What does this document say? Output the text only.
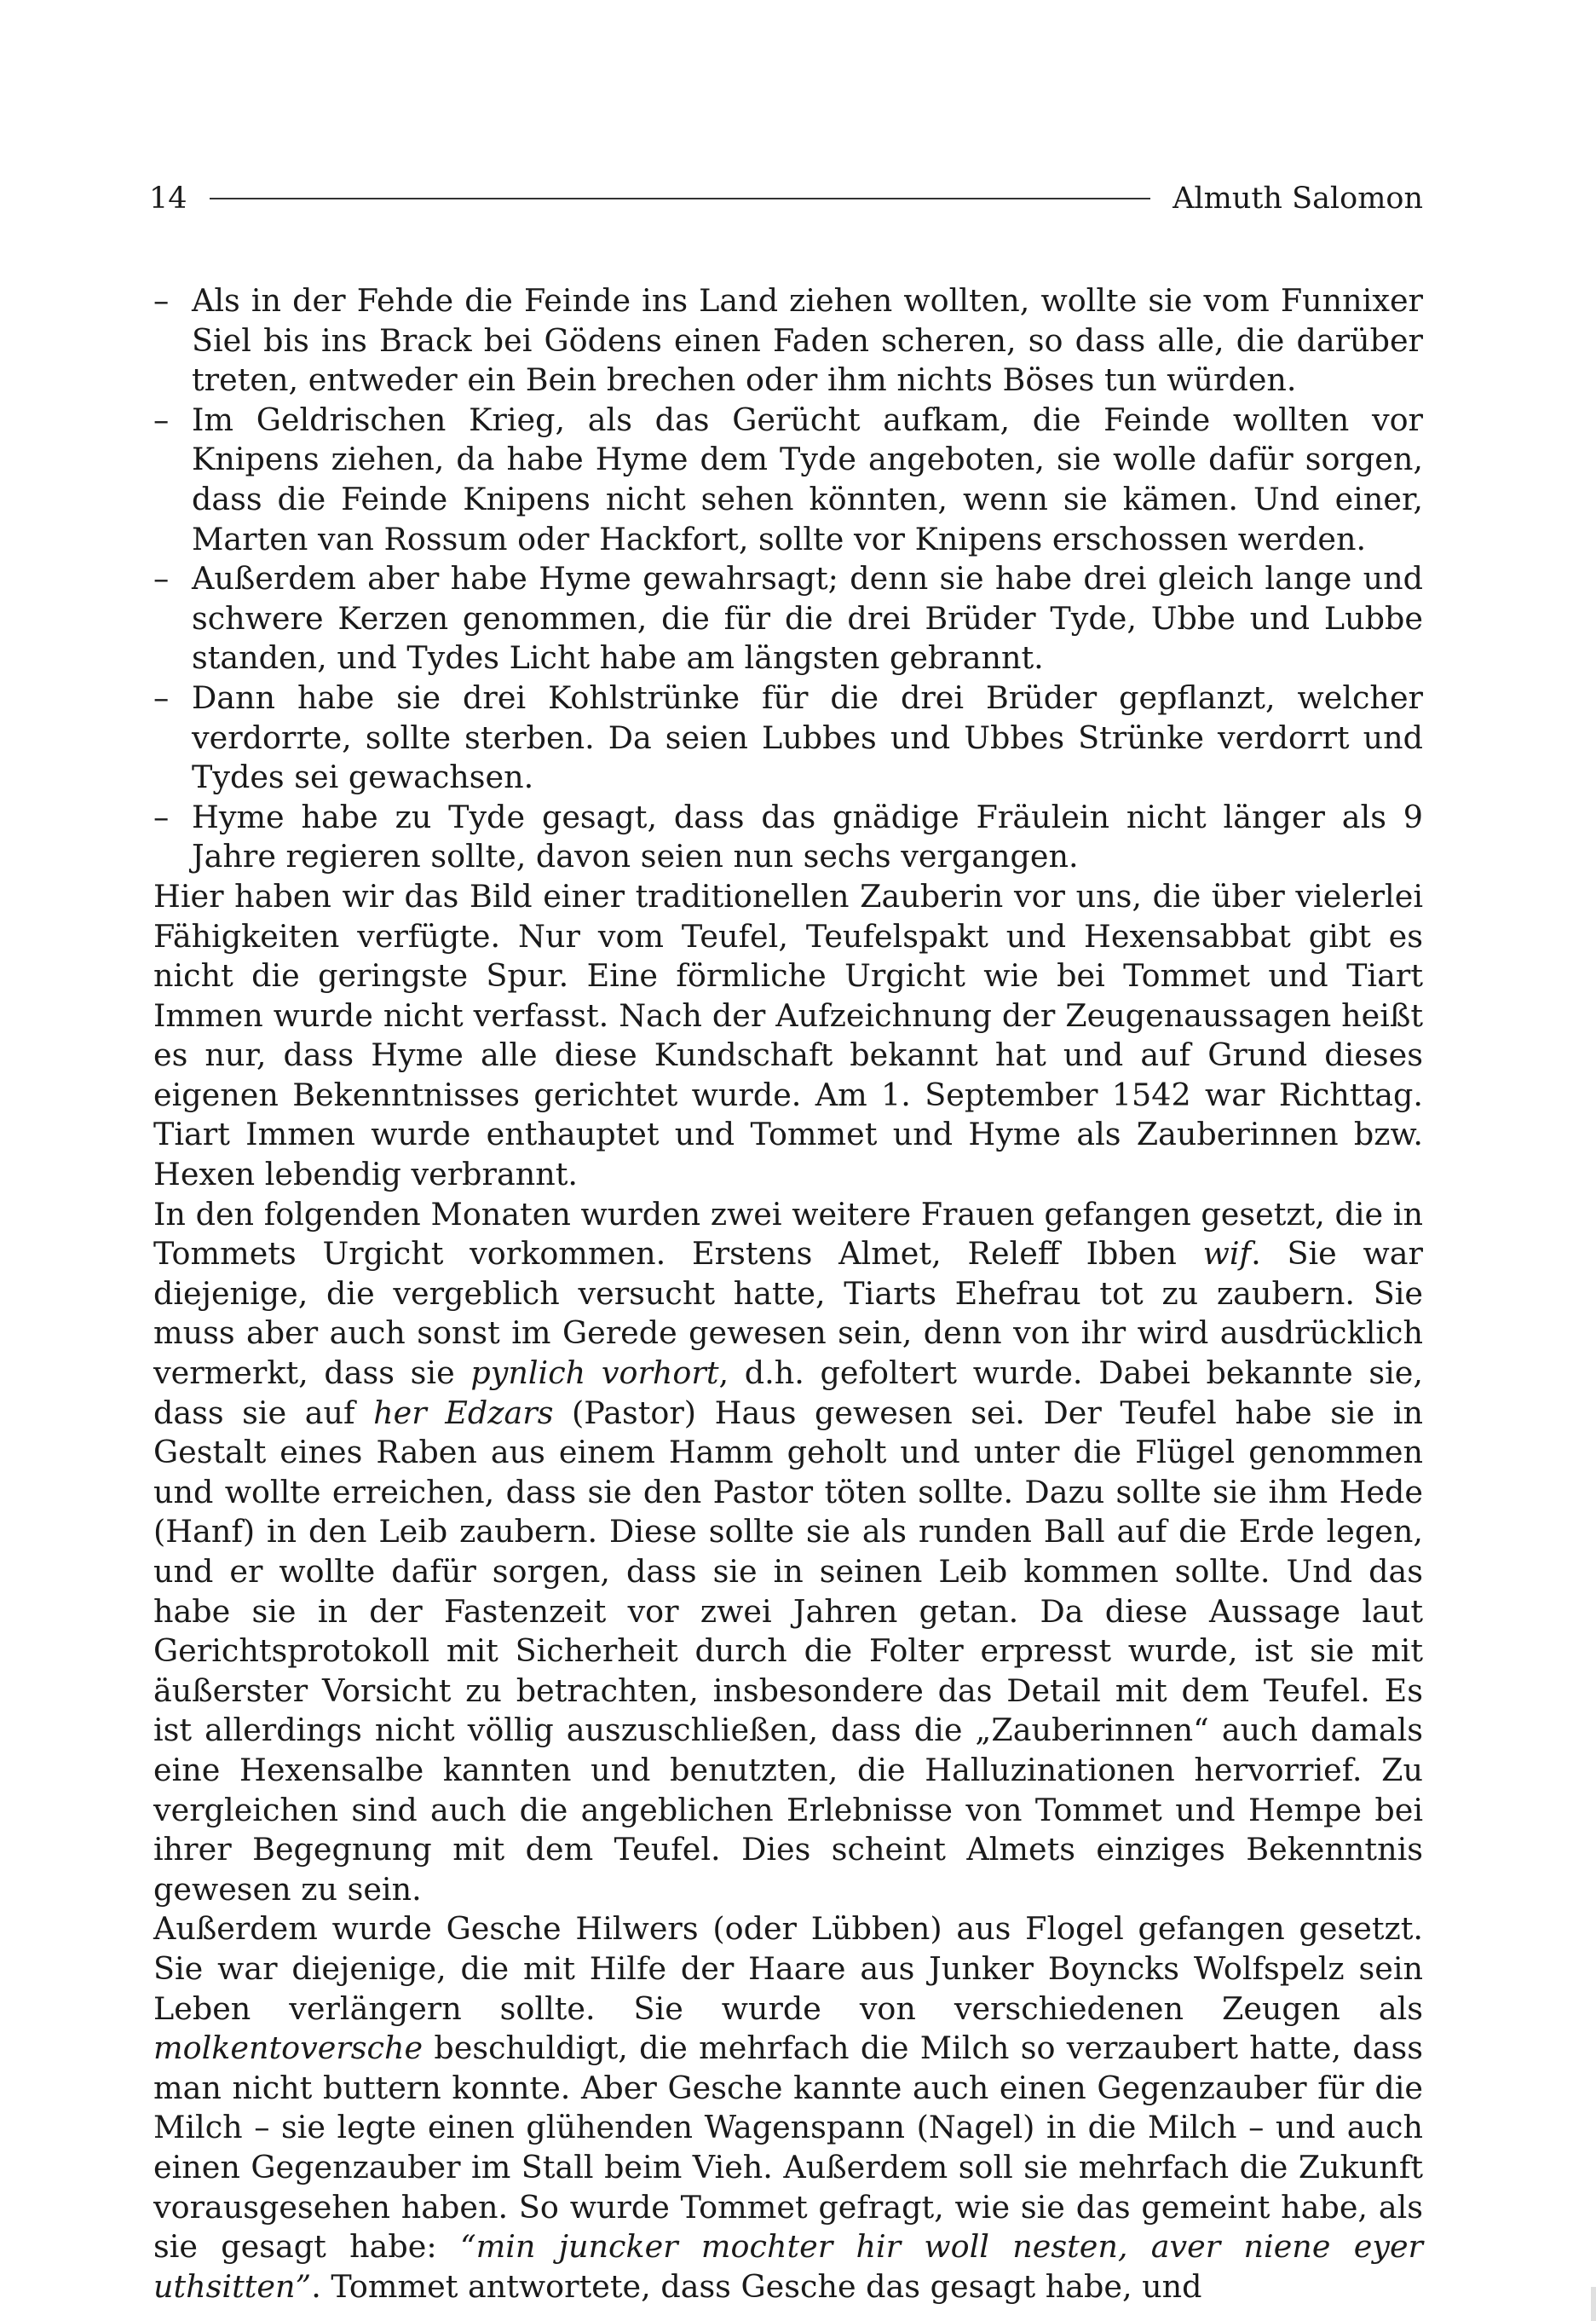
14	Almuth Salomon
– Als in der Fehde die Feinde ins Land ziehen wollten, wollte sie vom Funnixer Siel bis ins Brack bei Gödens einen Faden scheren, so dass alle, die darüber treten, entweder ein Bein brechen oder ihm nichts Böses tun würden.
– Im Geldrischen Krieg, als das Gerücht aufkam, die Feinde wollten vor Knipens ziehen, da habe Hyme dem Tyde angeboten, sie wolle dafür sorgen, dass die Feinde Knipens nicht sehen könnten, wenn sie kämen. Und einer, Marten van Rossum oder Hackfort, sollte vor Knipens erschossen werden.
– Außerdem aber habe Hyme gewahrsagt; denn sie habe drei gleich lange und schwere Kerzen genommen, die für die drei Brüder Tyde, Ubbe und Lubbe standen, und Tydes Licht habe am längsten gebrannt.
– Dann habe sie drei Kohlstrünke für die drei Brüder gepflanzt, welcher verdorrte, sollte sterben. Da seien Lubbes und Ubbes Strünke verdorrt und Tydes sei gewachsen.
– Hyme habe zu Tyde gesagt, dass das gnädige Fräulein nicht länger als 9 Jahre regieren sollte, davon seien nun sechs vergangen.

Hier haben wir das Bild einer traditionellen Zauberin vor uns, die über vielerlei Fähigkeiten verfügte. Nur vom Teufel, Teufelspakt und Hexensabbat gibt es nicht die geringste Spur. Eine förmliche Urgicht wie bei Tommet und Tiart Immen wurde nicht verfasst. Nach der Aufzeichnung der Zeugenaussagen heißt es nur, dass Hyme alle diese Kundschaft bekannt hat und auf Grund dieses eigenen Bekenntnisses gerichtet wurde. Am 1. September 1542 war Richttag. Tiart Immen wurde enthauptet und Tommet und Hyme als Zauberinnen bzw. Hexen lebendig verbrannt.

In den folgenden Monaten wurden zwei weitere Frauen gefangen gesetzt, die in Tommets Urgicht vorkommen. Erstens Almet, Releff Ibben wif. Sie war diejenige, die vergeblich versucht hatte, Tiarts Ehefrau tot zu zaubern. Sie muss aber auch sonst im Gerede gewesen sein, denn von ihr wird ausdrücklich vermerkt, dass sie pynlich vorhort, d.h. gefoltert wurde. Dabei bekannte sie, dass sie auf her Edzars (Pastor) Haus gewesen sei. Der Teufel habe sie in Gestalt eines Raben aus einem Hamm geholt und unter die Flügel genommen und wollte erreichen, dass sie den Pastor töten sollte. Dazu sollte sie ihm Hede (Hanf) in den Leib zaubern. Diese sollte sie als runden Ball auf die Erde legen, und er wollte dafür sorgen, dass sie in seinen Leib kommen sollte. Und das habe sie in der Fastenzeit vor zwei Jahren getan. Da diese Aussage laut Gerichtsprotokoll mit Sicherheit durch die Folter erpresst wurde, ist sie mit äußerster Vorsicht zu betrachten, insbesondere das Detail mit dem Teufel. Es ist allerdings nicht völlig auszuschließen, dass die „Zauberinnen“ auch damals eine Hexensalbe kannten und benutzten, die Halluzinationen hervorrief. Zu vergleichen sind auch die angeblichen Erlebnisse von Tommet und Hempe bei ihrer Begegnung mit dem Teufel. Dies scheint Almets einziges Bekenntnis gewesen zu sein.

Außerdem wurde Gesche Hilwers (oder Lübben) aus Flogel gefangen gesetzt. Sie war diejenige, die mit Hilfe der Haare aus Junker Boyncks Wolfspelz sein Leben verlängern sollte. Sie wurde von verschiedenen Zeugen als molkentoversche beschuldigt, die mehrfach die Milch so verzaubert hatte, dass man nicht buttern konnte. Aber Gesche kannte auch einen Gegenzauber für die Milch – sie legte einen glühenden Wagenspann (Nagel) in die Milch – und auch einen Gegenzauber im Stall beim Vieh. Außerdem soll sie mehrfach die Zukunft vorausgesehen haben. So wurde Tommet gefragt, wie sie das gemeint habe, als sie gesagt habe: “min juncker mochter hir woll nesten, aver niene eyer uthsitten”. Tommet antwortete, dass Gesche das gesagt habe, und
